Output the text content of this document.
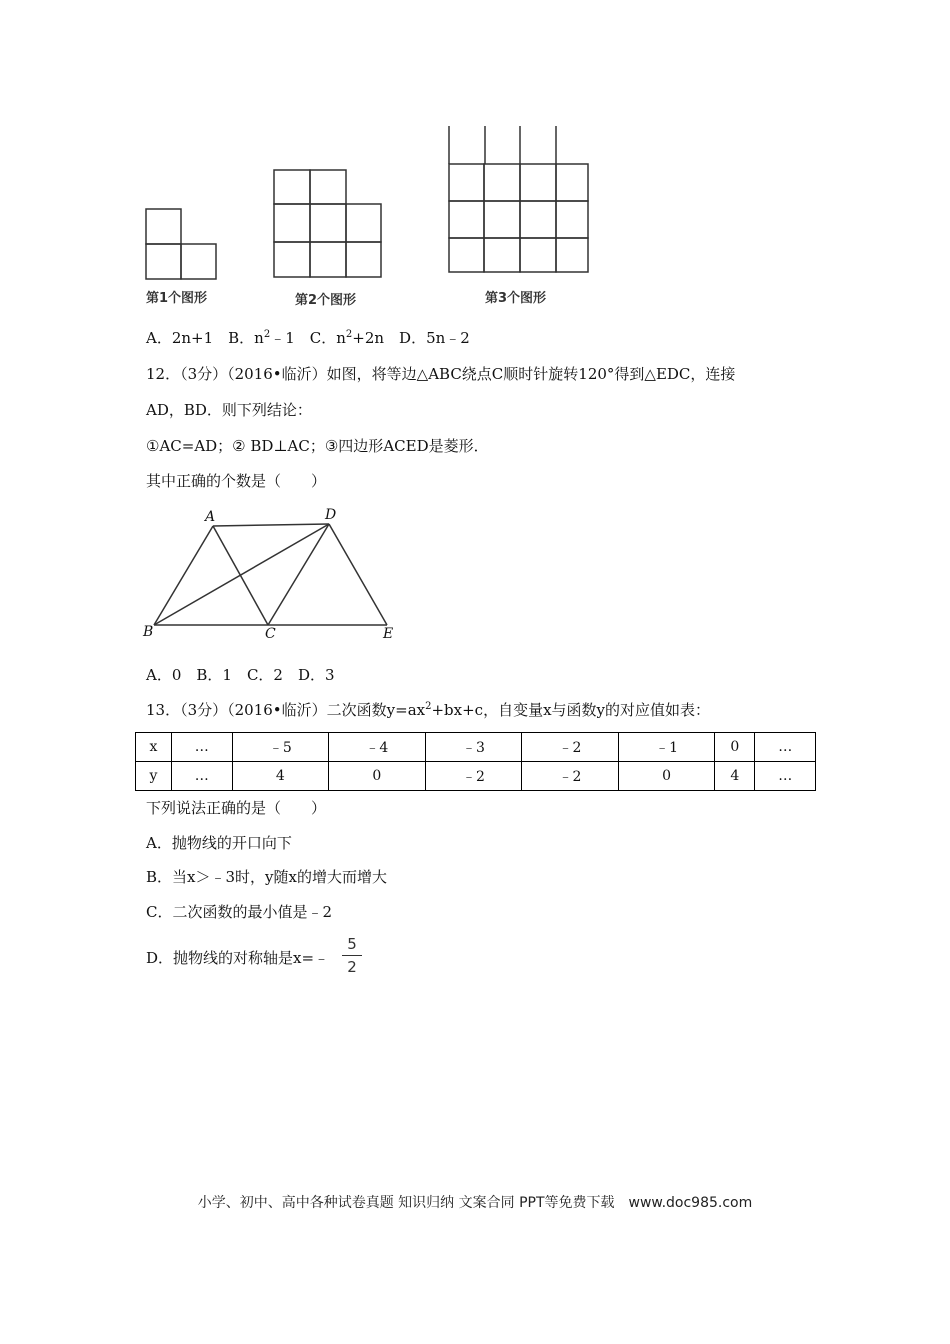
第1个图形	第2个图形	第3个图形
A．2n+1　B．$n^2﹣1$　C．$n^2+2n$　D．5n﹣2
12．（3分）（2016•临沂）如图，将等边△ABC绕点C顺时针旋转120°得到△EDC，连接
AD，BD．则下列结论：
①AC=AD；② BD⊥AC；③四边形ACED是菱形．
其中正确的个数是（　　）
A	D
B	C	E
A．0　B．1　C．2　D．3
13．（3分）（2016•临沂）二次函数$y=ax^2+bx+c$，自变量x与函数y的对应值如表：
x	…	﹣5	﹣4	﹣3	﹣2	﹣1	0	…
y	…	4	0	﹣2	﹣2	0	4	…
下列说法正确的是（　　）
A．抛物线的开口向下
B．当x＞﹣3时，y随x的增大而增大
C．二次函数的最小值是﹣2
D．抛物线的对称轴是x=﹣
5
2
小学、初中、高中各种试卷真题 知识归纳 文案合同 PPT等免费下载　www.doc985.com
